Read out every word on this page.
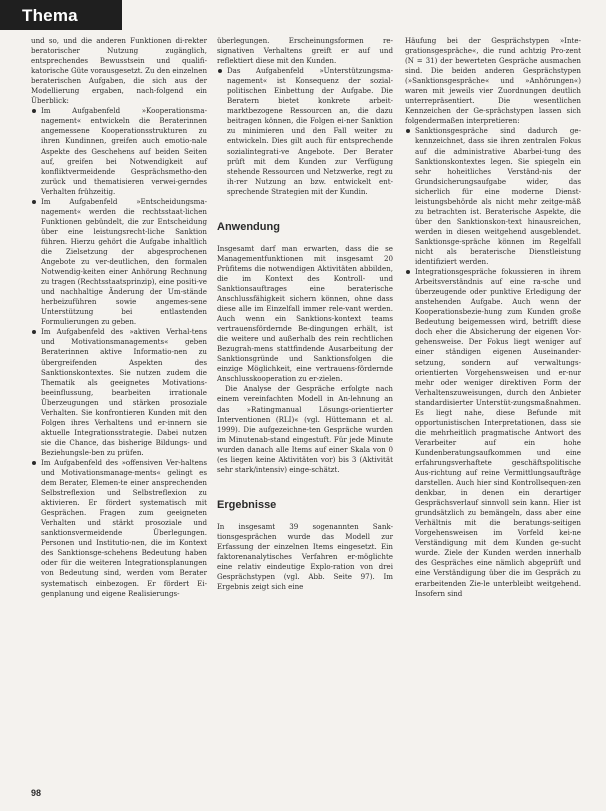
Thema

und so, und die anderen Funktionen di-rekter beratorischer Nutzung zugänglich, entsprechendes Bewusstsein und qualifi-katorische Güte vorausgesetzt. Zu den einzelnen beraterischen Aufgaben, die sich aus der Modellierung ergaben, nach-folgend ein Überblick:

Im Aufgabenfeld »Kooperationsma-nagement« entwickeln die Beraterinnen angemessene Kooperationsstrukturen zu ihren Kundinnen, greifen auch emotio-nale Aspekte des Geschehens auf beiden Seiten auf, greifen bei Notwendigkeit auf konfliktvermeidende Gesprächsmetho-den zurück und thematisieren verwei-gerndes Verhalten frühzeitig.
Im Aufgabenfeld »Entscheidungsma-nagement« werden die rechtsstaat-lichen Funktionen gebündelt, die zur Entscheidung über eine leistungsrecht-liche Sanktion führen. Hierzu gehört die Aufgabe inhaltlich die Zielsetzung der abgesprochenen Angebote zu ver-deutlichen, den formalen Notwendig-keiten einer Anhörung Rechnung zu tragen (Rechtsstaatsprinzip), eine positi-ve und nachhaltige Änderung der Um-stände herbeizuführen sowie angemes-sene Unterstützung bei entlastenden Formulierungen zu geben.
Im Aufgabenfeld des »aktiven Verhal-tens und Motivationsmanagements« geben Beraterinnen aktive Informatio-nen zu übergreifenden Aspekten des Sanktionskontextes. Sie nutzen zudem die Thematik als geeignetes Motivations-beeinflussung, bearbeiten irrationale Überzeugungen und stärken prosoziale Verhalten. Sie konfrontieren Kunden mit den Folgen ihres Verhaltens und er-innern sie aktuelle Integrationsstrategie. Dabei nutzen sie die Chance, das bisherige Bildungs- und Beziehungsle-ben zu prüfen.
Im Aufgabenfeld des »offensiven Ver-haltens und Motivationsmanage-ments« gelingt es dem Berater, Elemen-te einer ansprechenden Selbstreflexion und Selbstreflexion zu aktivieren. Er fördert systematisch mit Gesprächen. Fragen zum geeigneten Verhalten und stärkt prosoziale und sanktionsvermeidende Überlegungen. Personen und Institutio-nen, die im Kontext des Sanktionsge-schehens Bedeutung haben oder für die weiteren Integrationsplanungen von Bedeutung sind, werden vom Berater systematisch einbezogen. Er fördert Ei-genplanung und eigene Realisierungs-

überlegungen. Erscheinungsformen re-signativen Verhaltens greift er auf und reflektiert diese mit den Kunden.

Das Aufgabenfeld »Unterstützungsma-nagement« ist Konsequenz der sozial-politischen Einbettung der Aufgabe. Die Beratern bietet konkrete arbeit-marktbezogene Ressourcen an, die dazu beitragen können, die Folgen ei-ner Sanktion zu minimieren und den Fall weiter zu entwickeln. Dies gilt auch für entsprechende sozialintegrati-ve Angebote. Der Berater prüft mit dem Kunden zur Verfügung stehende Ressourcen und Netzwerke, regt zu ih-rer Nutzung an bzw. entwickelt ent-sprechende Strategien mit der Kundin.
Anwendung

Insgesamt darf man erwarten, dass die se Managementfunktionen mit insgesamt 20 Prüfitems die notwendigen Aktivitäten abbilden, die im Kontext des Kontroll- und Sanktionsauftrages eine beraterische Anschlussfähigkeit sichern können, ohne dass diese alle im Einzelfall immer rele-vant werden. Auch wenn ein Sanktions-kontext teams vertrauensfördernde Be-dingungen erhält, ist die weitere und außerhalb des rein rechtlichen Bezugrah-mens stattfindende Ausarbeitung der Sanktionsgründe und Sanktionsfolgen die einzige Möglichkeit, eine vertrauens-fördernde Anschlusskooperation zu er-zielen.

Die Analyse der Gespräche erfolgte nach einem vereinfachten Modell in An-lehnung an das »Ratingmanual Lösungs-orientierter Interventionen (RLI)« (vgl. Hüttemann et al. 1999). Die aufgezeichne-ten Gespräche wurden im Minutenab-stand eingestuft. Für jede Minute wurden danach alle Items auf einer Skala von 0 (es liegen keine Aktivitäten vor) bis 3 (Aktivität sehr stark/intensiv) einge-schätzt.

Ergebnisse

In insgesamt 39 sogenannten Sank-tionsgesprächen wurde das Modell zur Erfassung der einzelnen Items eingesetzt. Ein faktorenanalytisches Verfahren er-möglichte eine relativ eindeutige Explo-ration von drei Gesprächstypen (vgl. Abb. Seite 97). Im Ergebnis zeigt sich eine

Häufung bei der Gesprächstypen »Inte-grationsgespräche«, die rund achtzig Pro-zent (N = 31) der bewerteten Gespräche ausmachen sind. Die beiden anderen Gesprächstypen (»Sanktionsgespräche« und »Anhörungen«) waren mit jeweils vier Zuordnungen deutlich unterrepräsentiert. Die wesentlichen Kennzeichen der Ge-sprächstypen lassen sich folgendermaßen interpretieren:

Sanktionsgespräche sind dadurch ge-kennzeichnet, dass sie ihren zentralen Fokus auf die administrative Abarbei-tung des Sanktionskontextes legen. Sie spiegeln ein sehr hoheitliches Verständ-nis der Grundsicherungsaufgabe wider, das sicherlich für eine moderne Dienst-leistungsbehörde als nicht mehr zeitge-mäß zu betrachten ist. Beraterische Aspekte, die über den Sanktionskon-text hinausreichen, werden in diesen weitgehend ausgeblendet. Sanktionsge-spräche können im Regelfall nicht als beraterische Dienstleistung identifiziert werden.
Integrationsgespräche fokussieren in ihrem Arbeitsverständnis auf eine ra-sche und überzeugende oder punktive Erledigung der anstehenden Aufgabe. Auch wenn der Kooperationsbezie-hung zum Kunden große Bedeutung beigemessen wird, betrifft diese doch eher die Absicherung der eigenen Vor-gehensweise. Der Fokus liegt weniger auf einer ständigen eigenen Auseinander-setzung, sondern auf verwaltungs-orientierten Vorgehensweisen und er-nur mehr oder weniger direktiven Form der Verhaltenszuweisungen, durch den Anbieter standardisierter Unterstüt-zungsmaßnahmen. Es liegt nahe, diese Befunde mit opportunistischen Interpretationen, dass sie die mehrheitlich pragmatische Antwort des Verarbeiter auf ein hohe Kundenberatungsaufkommen und eine erfahrungsverhaftete geschäftspolitische Aus-richtung auf reine Vermittlungsaufträge darstellen. Auch hier sind Kontrollsequen-zen denkbar, in denen ein derartiger Gesprächsverlauf sinnvoll sein kann. Hier ist grundsätzlich zu bemängeln, dass aber eine Verhältnis mit die beratungs-seitigen Vorgehensweisen im Vorfeld kei-ne Verständigung mit dem Kunden ge-sucht wurde. Ziele der Kunden werden innerhalb des Gespräches eine nämlich abgeprüft und eine Verständigung über die im Gespräch zu erarbeitenden Zie-le unterbleibt weitgehend. Insofern sind
98
